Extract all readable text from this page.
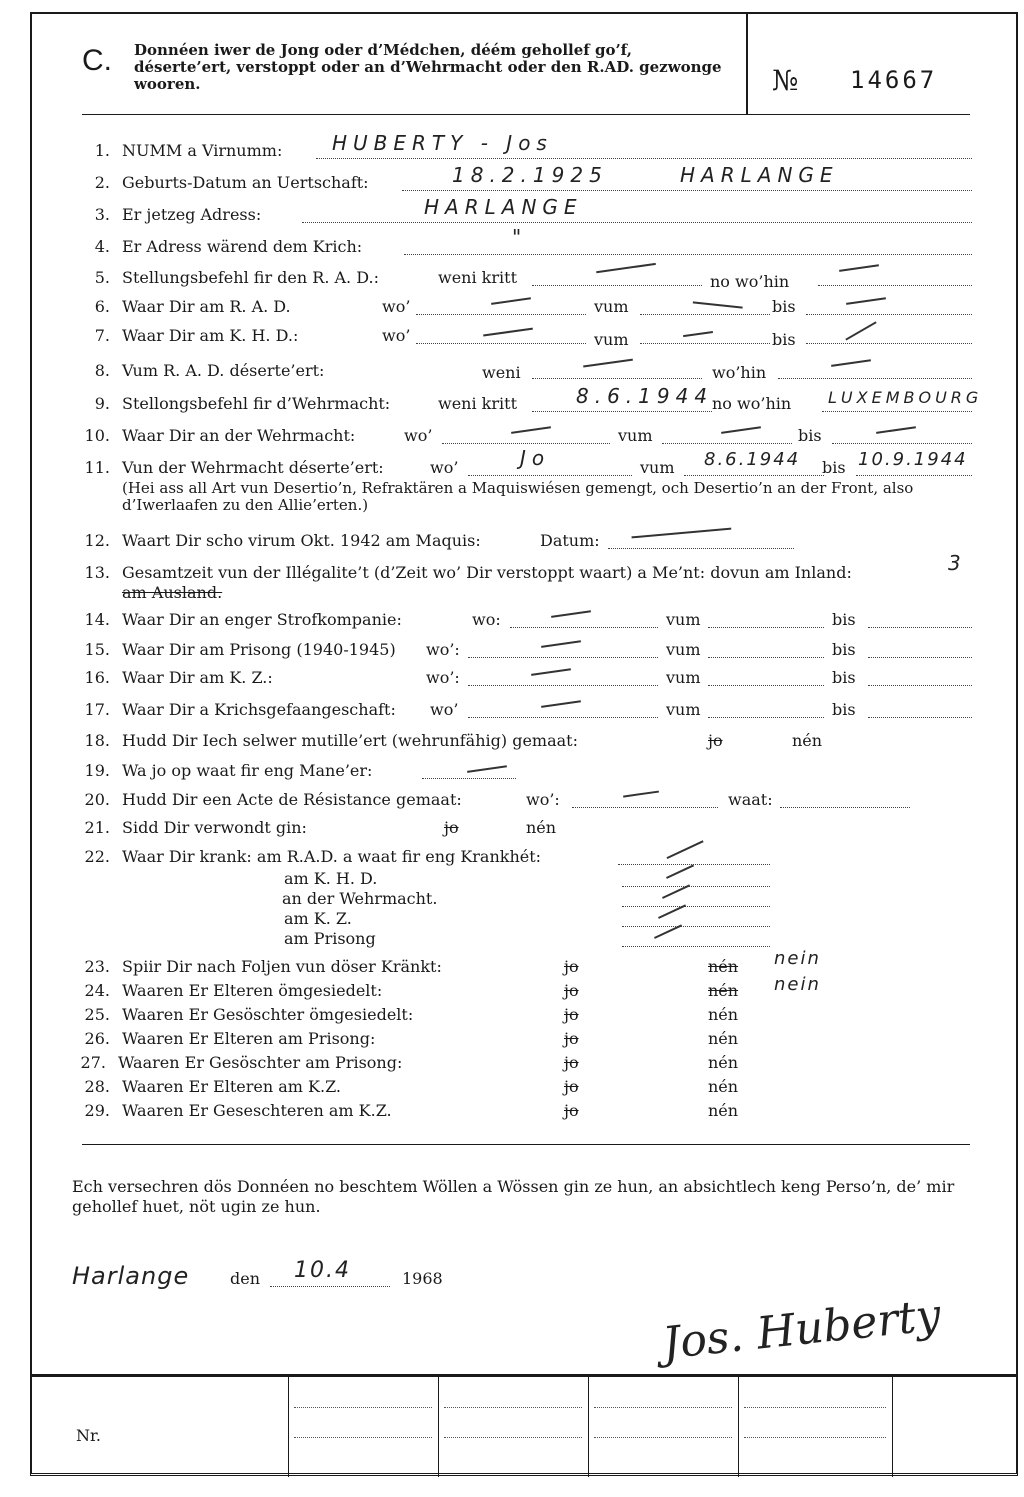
C. Donnéen iwer de Jong oder d’Médchen, déém gehollef go’f, déserte’ert, verstoppt oder an d’Wehrmacht oder den R.AD. gezwonge wooren.	№ 14667
1. NUMM a Virnumm: HUBERTY - Jos
2. Geburts-Datum an Uertschaft:	18.2.1925	HARLANGE
3. Er jetzeg Adress:	HARLANGE
4. Er Adress wärend dem Krich:	"
5. Stellungsbefehl fir den R. A. D.:	weni kritt	no wo’hin
6. Waar Dir am R. A. D.	wo’	vum	bis
7. Waar Dir am K. H. D.:	wo’	vum	bis
8. Vum R. A. D. déserte’ert:	weni	wo’hin
9. Stellongsbefehl fir d’Wehrmacht:	weni kritt	8.6.1944
no wo’hin LUXEMBOURG
10. Waar Dir an der Wehrmacht:	wo’	vum	bis
11. Vun der Wehrmacht déserte’ert:	wo’	Jo	vum 8.6.1944 bis 10.9.1944
(Hei ass all Art vun Desertio’n, Refraktären a Maquiswiésen gemengt, och Desertio’n an der Front, also d’Iwerlaafen zu den Allie’erten.)
12. Waart Dir scho virum Okt. 1942 am Maquis:	Datum:
13. Gesamtzeit vun der Illégalite’t (d’Zeit wo’ Dir verstoppt waart) a Me’nt: dovun am Inland:	3
am Ausland.
14. Waar Dir an enger Strofkompanie:	wo:	vum	bis
15. Waar Dir am Prisong (1940-1945) wo’:	vum	bis
16. Waar Dir am K. Z.:	wo’:	vum	bis
17. Waar Dir a Krichsgefaangeschaft: wo’	vum	bis
18. Hudd Dir Iech selwer mutille’ert (wehrunfähig) gemaat:	jo	nén
19. Wa jo op waat fir eng Mane’er:
20. Hudd Dir een Acte de Résistance gemaat:	wo’:	waat:
21. Sidd Dir verwondt gin:	jo	nén
22. Waar Dir krank: am R.A.D. a waat fir eng Krankhét:
am K. H. D.
an der Wehrmacht.
am K. Z.
am Prisong
23. Spiir Dir nach Foljen vun döser Kränkt:	jo	nén nein
24. Waaren Er Elteren ömgesiedelt:	jo	nén nein
25. Waaren Er Gesöschter ömgesiedelt:	jo	nén
26. Waaren Er Elteren am Prisong:	jo	nén
27. Waaren Er Gesöschter am Prisong:	jo	nén
28. Waaren Er Elteren am K.Z.	jo	nén
29. Waaren Er Geseschteren am K.Z.	jo	nén
Ech versechren dös Donnéen no beschtem Wöllen a Wössen gin ze hun, an absichtlech keng Perso’n, de’ mir gehollef huet, nöt ugin ze hun.
Harlange	den 10.4	1968
Jos. Huberty
Nr.
